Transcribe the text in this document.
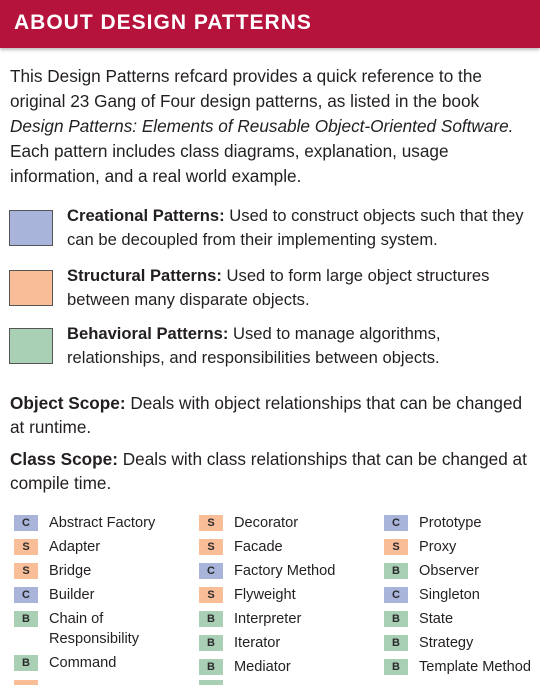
ABOUT DESIGN PATTERNS

This Design Patterns refcard provides a quick reference to the original 23 Gang of Four design patterns, as listed in the book Design Patterns: Elements of Reusable Object-Oriented Software. Each pattern includes class diagrams, explanation, usage information, and a real world example.

Creational Patterns: Used to construct objects such that they can be decoupled from their implementing system.

Structural Patterns: Used to form large object structures between many disparate objects.

Behavioral Patterns: Used to manage algorithms, relationships, and responsibilities between objects.

Object Scope: Deals with object relationships that can be changed at runtime.

Class Scope: Deals with class relationships that can be changed at compile time.

C	Abstract Factory
S	Adapter
S	Bridge
C	Builder
B	Chain of Responsibility
B	Command
S	Decorator
S	Facade
C	Factory Method
S	Flyweight
B	Interpreter
B	Iterator
B	Mediator
C	Prototype
S	Proxy
B	Observer
C	Singleton
B	State
B	Strategy
B	Template Method
